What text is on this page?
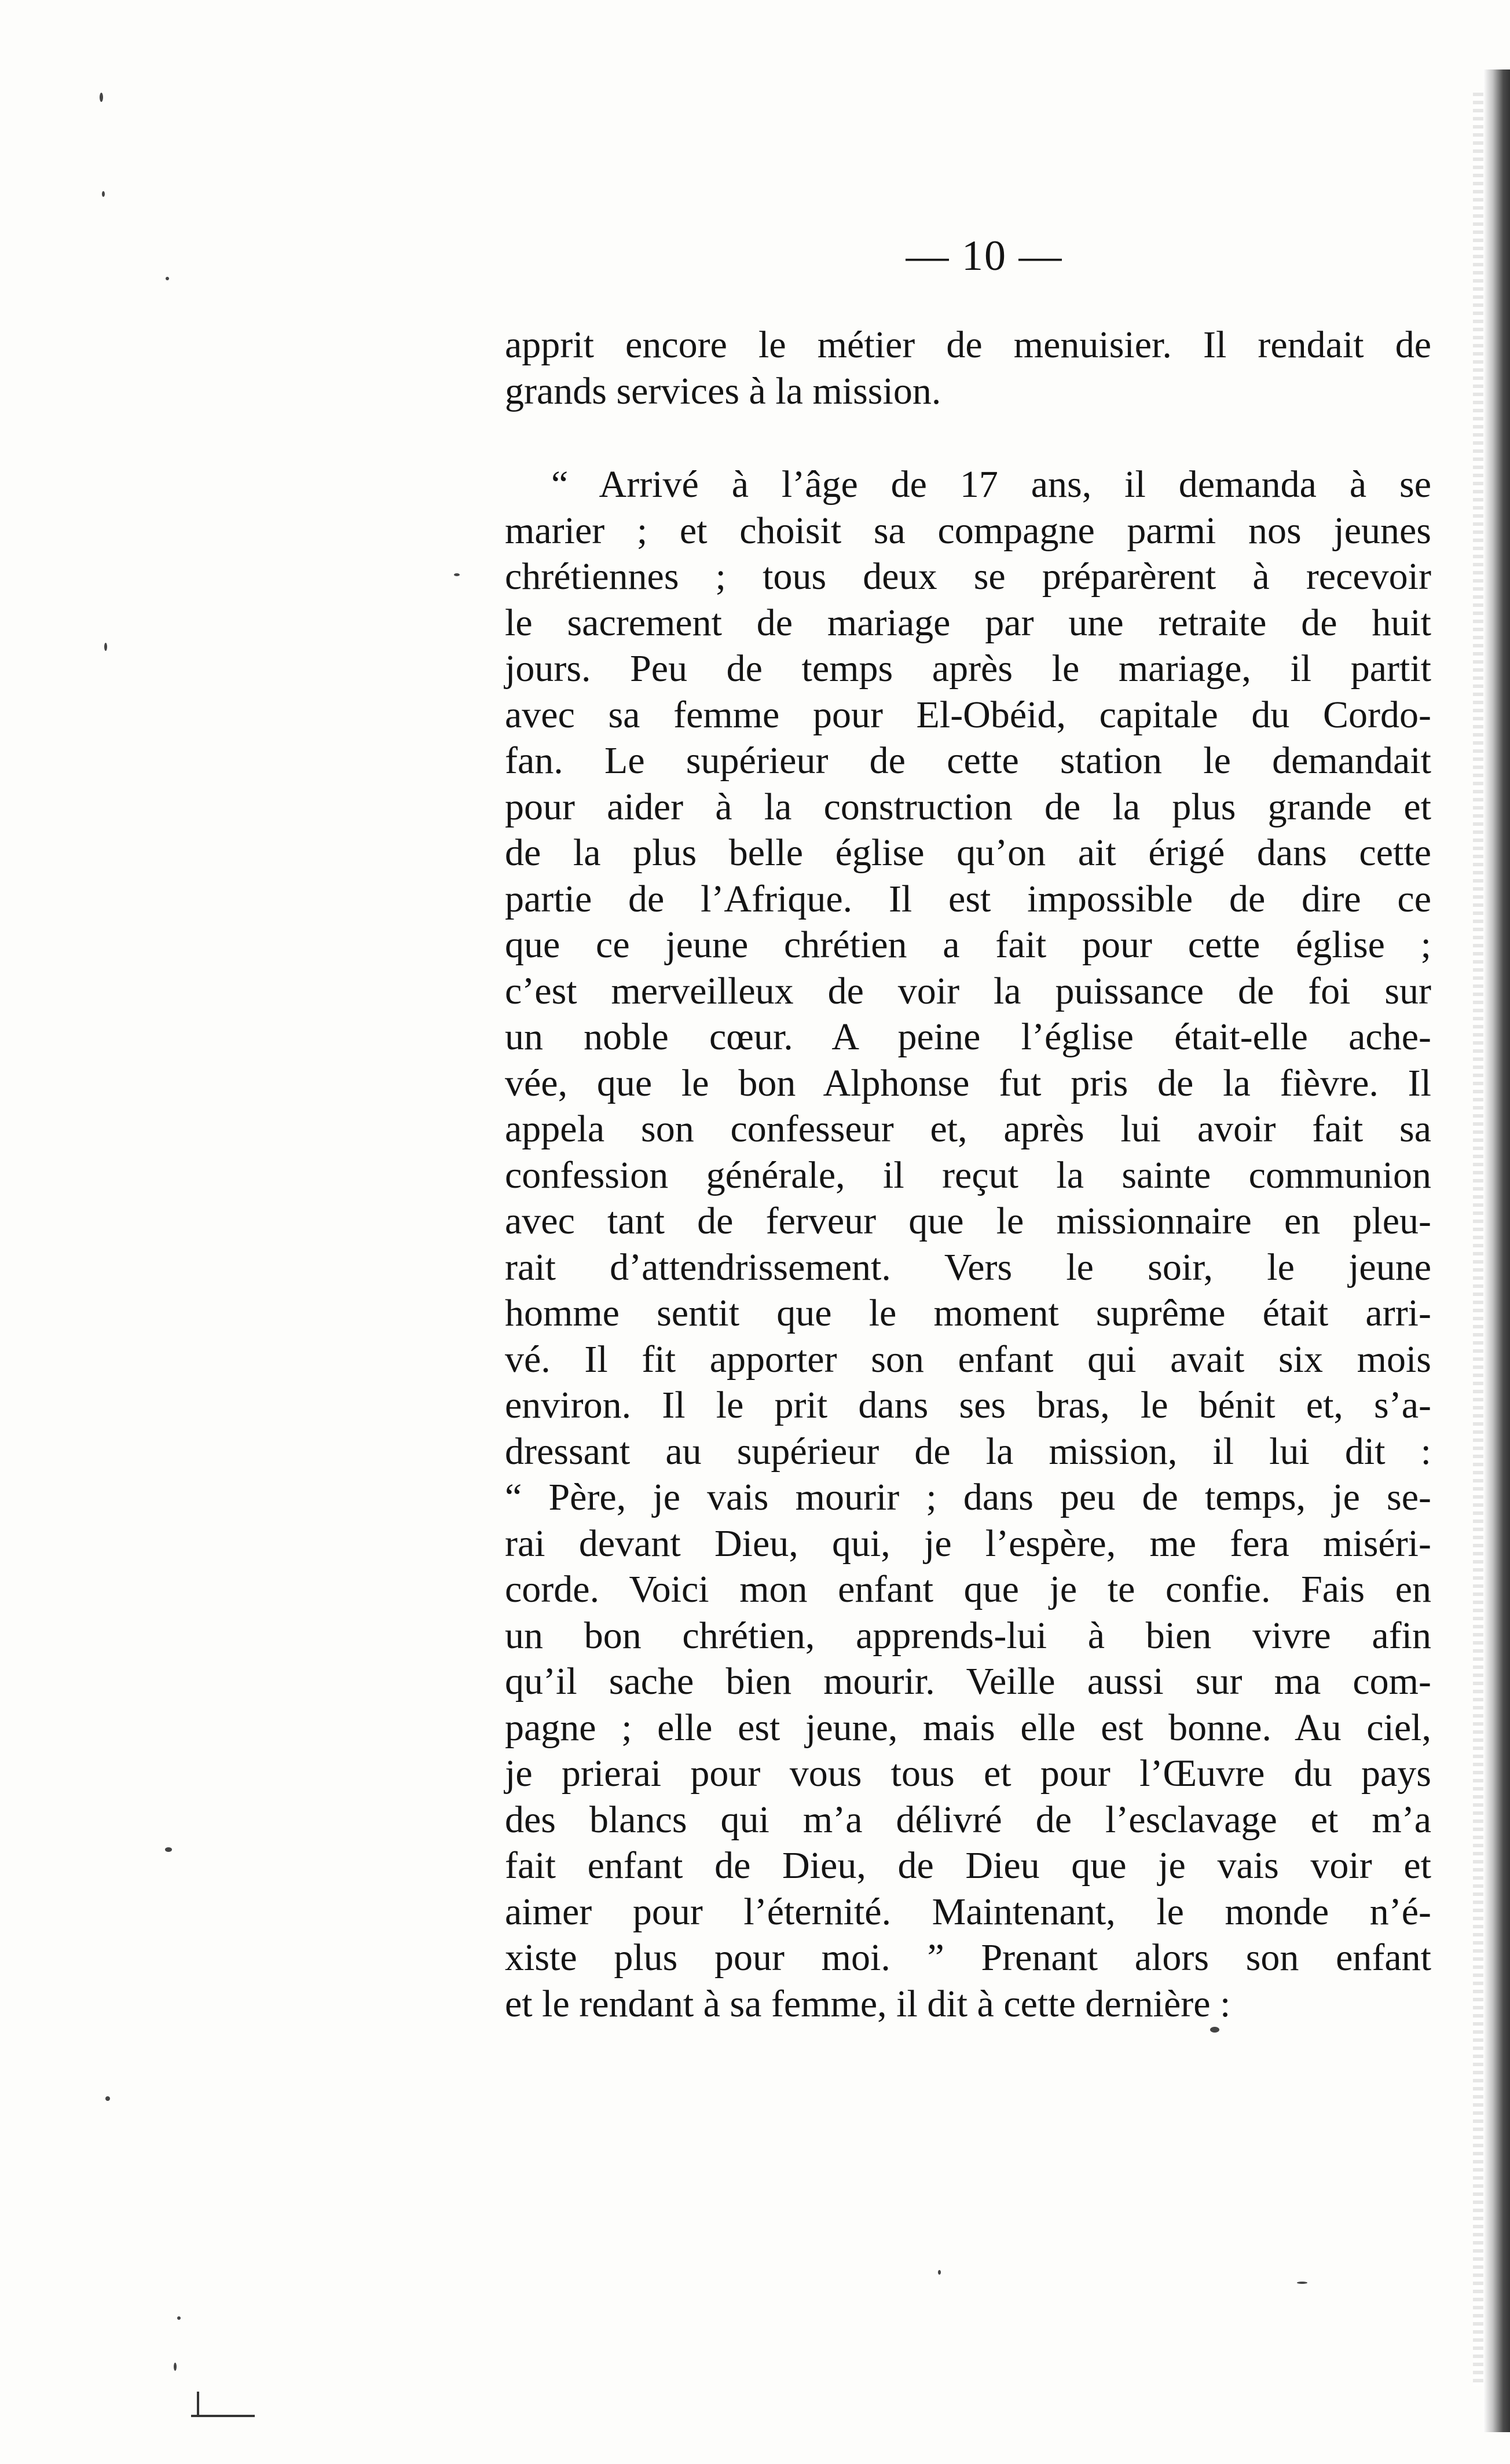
— 10 —
apprit encore le métier de menuisier. Il rendait de
grands services à la mission.
“ Arrivé à l’âge de 17 ans, il demanda à se
marier ; et choisit sa compagne parmi nos jeunes
chrétiennes ; tous deux se préparèrent à recevoir
le sacrement de mariage par une retraite de huit
jours. Peu de temps après le mariage, il partit
avec sa femme pour El-Obéid, capitale du Cordo-
fan. Le supérieur de cette station le demandait
pour aider à la construction de la plus grande et
de la plus belle église qu’on ait érigé dans cette
partie de l’Afrique. Il est impossible de dire ce
que ce jeune chrétien a fait pour cette église ;
c’est merveilleux de voir la puissance de foi sur
un noble cœur. A peine l’église était-elle ache-
vée, que le bon Alphonse fut pris de la fièvre. Il
appela son confesseur et, après lui avoir fait sa
confession générale, il reçut la sainte communion
avec tant de ferveur que le missionnaire en pleu-
rait d’attendrissement. Vers le soir, le jeune
homme sentit que le moment suprême était arri-
vé. Il fit apporter son enfant qui avait six mois
environ. Il le prit dans ses bras, le bénit et, s’a-
dressant au supérieur de la mission, il lui dit :
“ Père, je vais mourir ; dans peu de temps, je se-
rai devant Dieu, qui, je l’espère, me fera miséri-
corde. Voici mon enfant que je te confie. Fais en
un bon chrétien, apprends-lui à bien vivre afin
qu’il sache bien mourir. Veille aussi sur ma com-
pagne ; elle est jeune, mais elle est bonne. Au ciel,
je prierai pour vous tous et pour l’Œuvre du pays
des blancs qui m’a délivré de l’esclavage et m’a
fait enfant de Dieu, de Dieu que je vais voir et
aimer pour l’éternité. Maintenant, le monde n’é-
xiste plus pour moi. ” Prenant alors son enfant
et le rendant à sa femme, il dit à cette dernière :
